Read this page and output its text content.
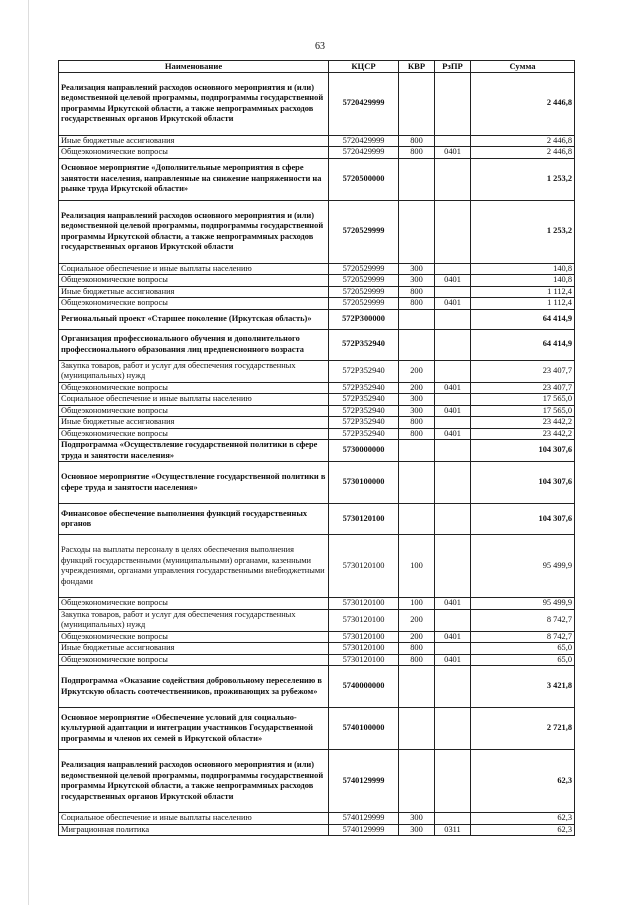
63
Наименование	КЦСР	КВР	РзПР	Сумма
Реализация направлений расходов основного мероприятия и (или) ведомственной целевой программы, подпрограммы государственной программы Иркутской области, а также непрограммных расходов государственных органов Иркутской области	5720429999			2 446,8
Иные бюджетные ассигнования	5720429999	800		2 446,8
Общеэкономические вопросы	5720429999	800	0401	2 446,8
Основное мероприятие «Дополнительные мероприятия в сфере занятости населения, направленные на снижение напряженности на рынке труда Иркутской области»	5720500000			1 253,2
Реализация направлений расходов основного мероприятия и (или) ведомственной целевой программы, подпрограммы государственной программы Иркутской области, а также непрограммных расходов государственных органов Иркутской области	5720529999			1 253,2
Социальное обеспечение и иные выплаты населению	5720529999	300		140,8
Общеэкономические вопросы	5720529999	300	0401	140,8
Иные бюджетные ассигнования	5720529999	800		1 112,4
Общеэкономические вопросы	5720529999	800	0401	1 112,4
Региональный проект «Старшее поколение (Иркутская область)»	572P300000			64 414,9
Организация профессионального обучения и дополнительного профессионального образования лиц предпенсионного возраста	572P352940			64 414,9
Закупка товаров, работ и услуг для обеспечения государственных (муниципальных) нужд	572P352940	200		23 407,7
Общеэкономические вопросы	572P352940	200	0401	23 407,7
Социальное обеспечение и иные выплаты населению	572P352940	300		17 565,0
Общеэкономические вопросы	572P352940	300	0401	17 565,0
Иные бюджетные ассигнования	572P352940	800		23 442,2
Общеэкономические вопросы	572P352940	800	0401	23 442,2
Подпрограмма «Осуществление государственной политики в сфере труда и занятости населения»	5730000000			104 307,6
Основное мероприятие «Осуществление государственной политики в сфере труда и занятости населения»	5730100000			104 307,6
Финансовое обеспечение выполнения функций государственных органов	5730120100			104 307,6
Расходы на выплаты персоналу в целях обеспечения выполнения функций государственными (муниципальными) органами, казенными учреждениями, органами управления государственными внебюджетными фондами	5730120100	100		95 499,9
Общеэкономические вопросы	5730120100	100	0401	95 499,9
Закупка товаров, работ и услуг для обеспечения государственных (муниципальных) нужд	5730120100	200		8 742,7
Общеэкономические вопросы	5730120100	200	0401	8 742,7
Иные бюджетные ассигнования	5730120100	800		65,0
Общеэкономические вопросы	5730120100	800	0401	65,0
Подпрограмма «Оказание содействия добровольному переселению в Иркутскую область соотечественников, проживающих за рубежом»	5740000000			3 421,8
Основное мероприятие «Обеспечение условий для социально-культурной адаптации и интеграции участников Государственной программы и членов их семей в Иркутской области»	5740100000			2 721,8
Реализация направлений расходов основного мероприятия и (или) ведомственной целевой программы, подпрограммы государственной программы Иркутской области, а также непрограммных расходов государственных органов Иркутской области	5740129999			62,3
Социальное обеспечение и иные выплаты населению	5740129999	300		62,3
Миграционная политика	5740129999	300	0311	62,3
